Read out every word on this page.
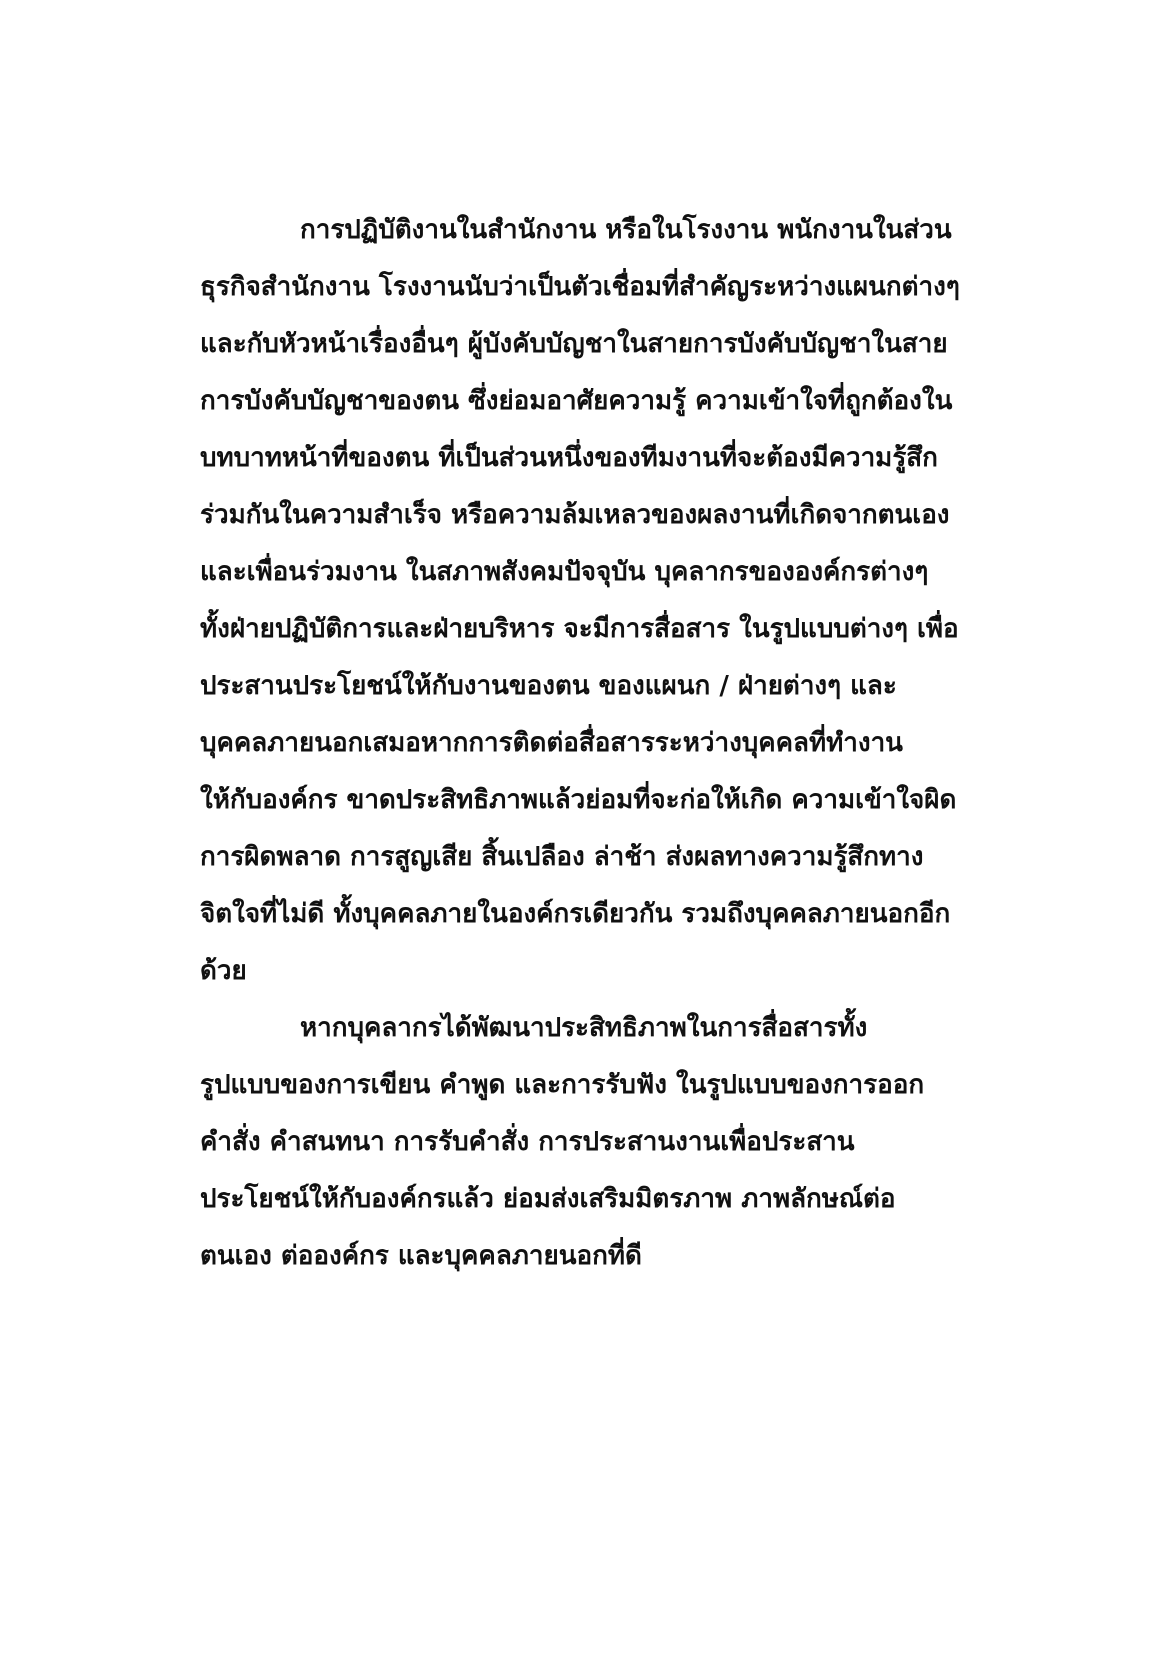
การปฏิบัติงานในสำนักงาน หรือในโรงงาน พนักงานในส่วน
ธุรกิจสำนักงาน โรงงานนับว่าเป็นตัวเชื่อมที่สำคัญระหว่างแผนกต่างๆ
และกับหัวหน้าเรื่องอื่นๆ ผู้บังคับบัญชาในสายการบังคับบัญชาในสาย
การบังคับบัญชาของตน ซึ่งย่อมอาศัยความรู้ ความเข้าใจที่ถูกต้องใน
บทบาทหน้าที่ของตน ที่เป็นส่วนหนึ่งของทีมงานที่จะต้องมีความรู้สึก
ร่วมกันในความสำเร็จ หรือความล้มเหลวของผลงานที่เกิดจากตนเอง
และเพื่อนร่วมงาน ในสภาพสังคมปัจจุบัน บุคลากรขององค์กรต่างๆ
ทั้งฝ่ายปฏิบัติการและฝ่ายบริหาร จะมีการสื่อสาร ในรูปแบบต่างๆ เพื่อ
ประสานประโยชน์ให้กับงานของตน ของแผนก / ฝ่ายต่างๆ และ
บุคคลภายนอกเสมอหากการติดต่อสื่อสารระหว่างบุคคลที่ทำงาน
ให้กับองค์กร ขาดประสิทธิภาพแล้วย่อมที่จะก่อให้เกิด ความเข้าใจผิด
การผิดพลาด การสูญเสีย สิ้นเปลือง ล่าช้า ส่งผลทางความรู้สึกทาง
จิตใจที่ไม่ดี ทั้งบุคคลภายในองค์กรเดียวกัน รวมถึงบุคคลภายนอกอีก
ด้วย
หากบุคลากรได้พัฒนาประสิทธิภาพในการสื่อสารทั้ง
รูปแบบของการเขียน คำพูด และการรับฟัง ในรูปแบบของการออก
คำสั่ง คำสนทนา การรับคำสั่ง การประสานงานเพื่อประสาน
ประโยชน์ให้กับองค์กรแล้ว ย่อมส่งเสริมมิตรภาพ ภาพลักษณ์ต่อ
ตนเอง ต่อองค์กร และบุคคลภายนอกที่ดี
